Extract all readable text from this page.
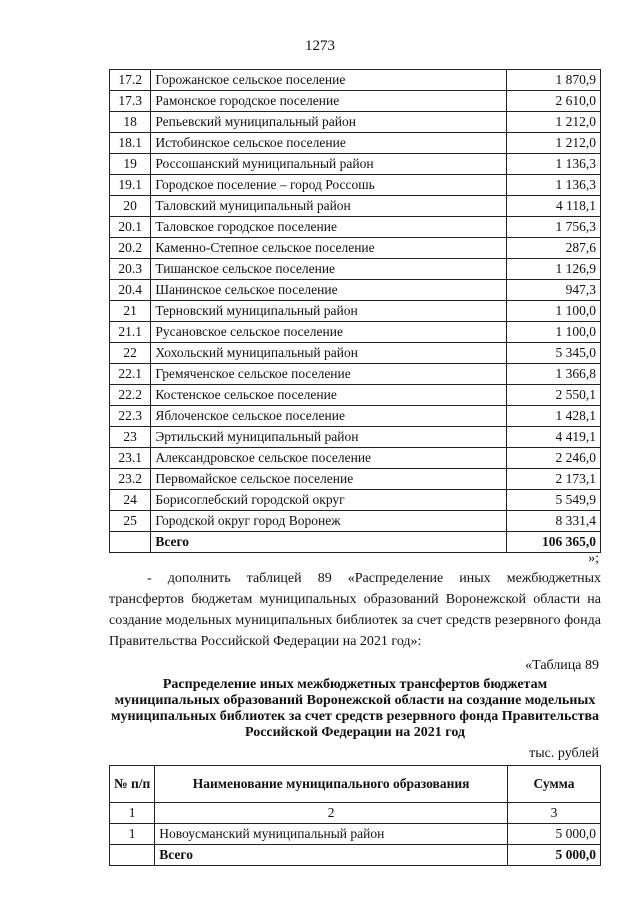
1273
17.2	Горожанское сельское поселение	1 870,9
17.3	Рамонское городское поселение	2 610,0
18	Репьевский муниципальный район	1 212,0
18.1	Истобинское сельское поселение	1 212,0
19	Россошанский муниципальный район	1 136,3
19.1	Городское поселение – город Россошь	1 136,3
20	Таловский муниципальный район	4 118,1
20.1	Таловское городское поселение	1 756,3
20.2	Каменно-Степное сельское поселение	287,6
20.3	Тишанское сельское поселение	1 126,9
20.4	Шанинское сельское поселение	947,3
21	Терновский муниципальный район	1 100,0
21.1	Русановское сельское поселение	1 100,0
22	Хохольский муниципальный район	5 345,0
22.1	Гремяченское сельское поселение	1 366,8
22.2	Костенское сельское поселение	2 550,1
22.3	Яблоченское сельское поселение	1 428,1
23	Эртильский муниципальный район	4 419,1
23.1	Александровское сельское поселение	2 246,0
23.2	Первомайское сельское поселение	2 173,1
24	Борисоглебский городской округ	5 549,9
25	Городской округ город Воронеж	8 331,4
	Всего	106 365,0
»;
- дополнить таблицей 89 «Распределение иных межбюджетных трансфертов бюджетам муниципальных образований Воронежской области на создание модельных муниципальных библиотек за счет средств резервного фонда Правительства Российской Федерации на 2021 год»:
«Таблица 89
Распределение иных межбюджетных трансфертов бюджетам муниципальных образований Воронежской области на создание модельных муниципальных библиотек за счет средств резервного фонда Правительства Российской Федерации на 2021 год
тыс. рублей
№ п/п	Наименование муниципального образования	Сумма
1	2	3
1	Новоусманский муниципальный район	5 000,0
	Всего	5 000,0
